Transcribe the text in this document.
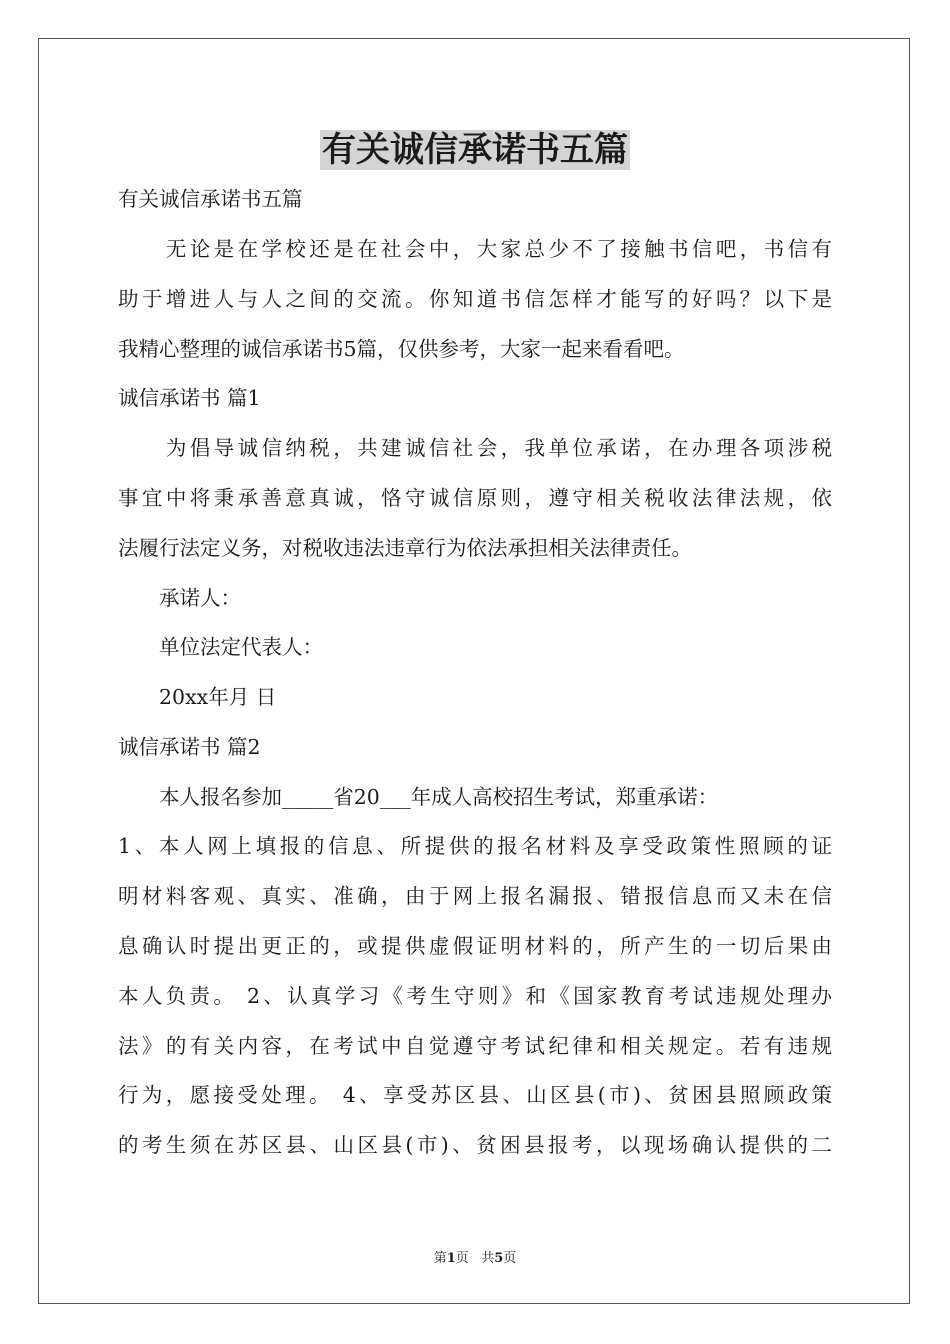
有关诚信承诺书五篇

有关诚信承诺书五篇

　　无论是在学校还是在社会中，大家总少不了接触书信吧，书信有

助于增进人与人之间的交流。你知道书信怎样才能写的好吗？以下是

我精心整理的诚信承诺书5篇，仅供参考，大家一起来看看吧。

诚信承诺书 篇1

　　为倡导诚信纳税，共建诚信社会，我单位承诺，在办理各项涉税

事宜中将秉承善意真诚，恪守诚信原则，遵守相关税收法律法规，依

法履行法定义务，对税收违法违章行为依法承担相关法律责任。

　　承诺人：

　　单位法定代表人：

　　20xx年月 日

诚信承诺书 篇2

　　本人报名参加_____省20___年成人高校招生考试，郑重承诺：

1、本人网上填报的信息、所提供的报名材料及享受政策性照顾的证

明材料客观、真实、准确，由于网上报名漏报、错报信息而又未在信

息确认时提出更正的，或提供虚假证明材料的，所产生的一切后果由

本人负责。 2、认真学习《考生守则》和《国家教育考试违规处理办

法》的有关内容，在考试中自觉遵守考试纪律和相关规定。若有违规

行为，愿接受处理。 4、享受苏区县、山区县(市)、贫困县照顾政策

的考生须在苏区县、山区县(市)、贫困县报考，以现场确认提供的二

第1页 共5页
